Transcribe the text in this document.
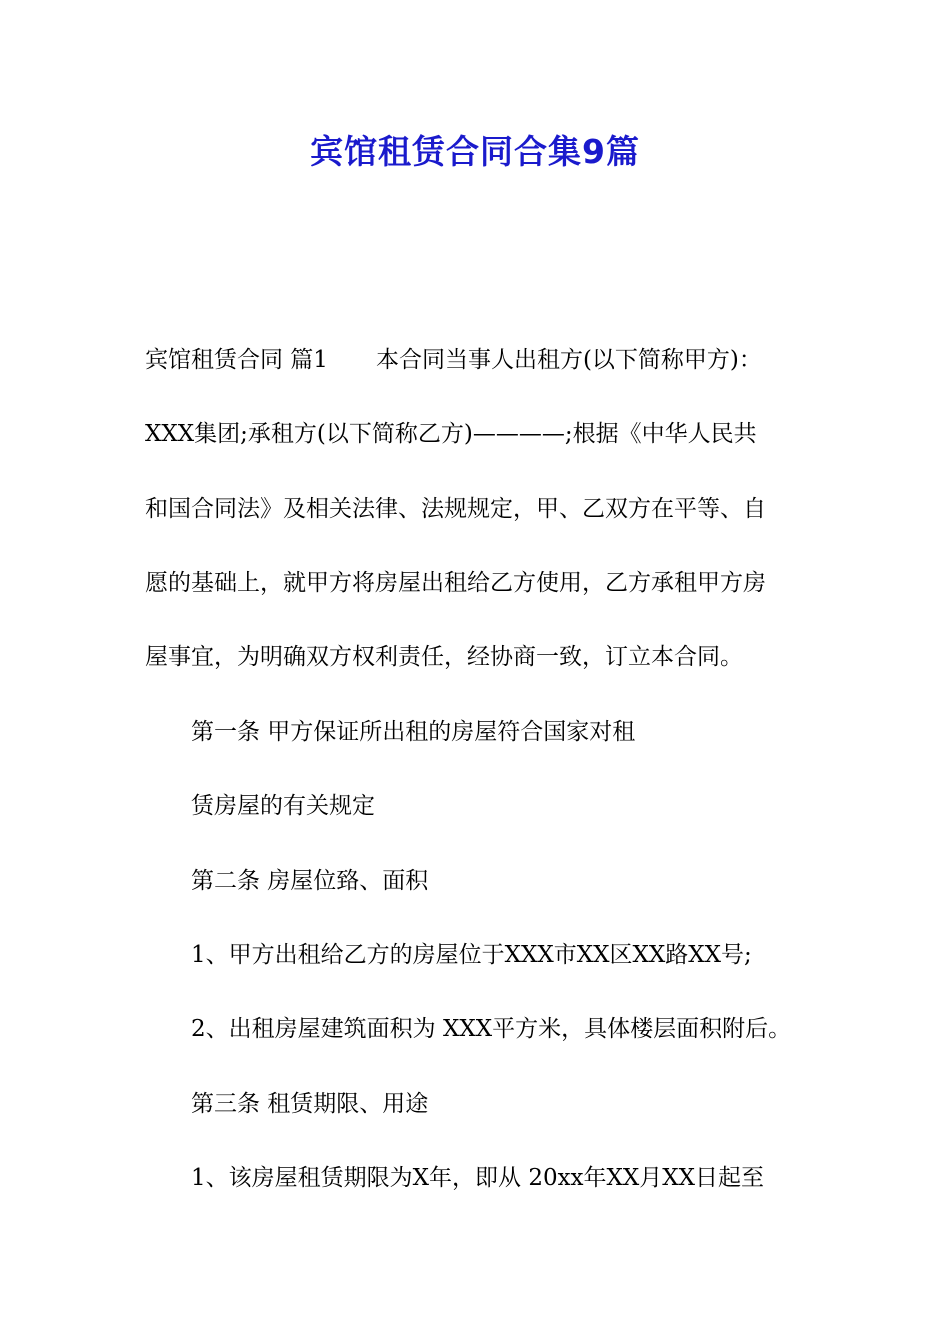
宾馆租赁合同合集9篇
宾馆租赁合同 篇1 本合同当事人出租方(以下简称甲方)：
XXX集团;承租方(以下简称乙方)————;根据《中华人民共
和国合同法》及相关法律、法规规定，甲、乙双方在平等、自
愿的基础上，就甲方将房屋出租给乙方使用，乙方承租甲方房
屋事宜，为明确双方权利责任，经协商一致，订立本合同。
第一条 甲方保证所出租的房屋符合国家对租
赁房屋的有关规定
第二条 房屋位臵、面积
1、甲方出租给乙方的房屋位于XXX市XX区XX路XX号;
2、出租房屋建筑面积为 XXX平方米，具体楼层面积附后。
第三条 租赁期限、用途
1、该房屋租赁期限为X年，即从 20xx年XX月XX日起至
